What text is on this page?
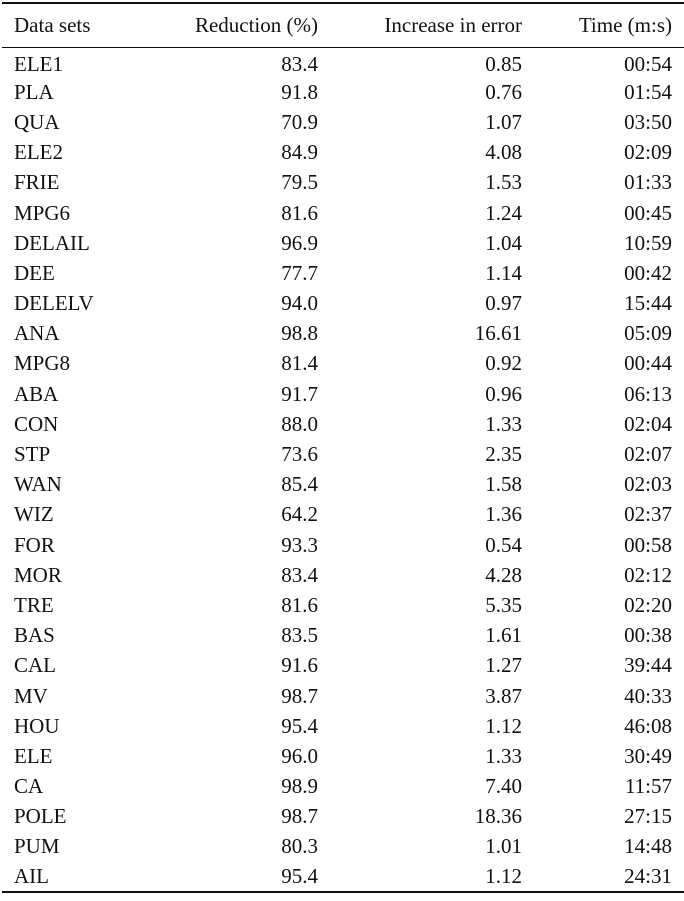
Data sets	Reduction (%)	Increase in error	Time (m:s)
ELE1	83.4	0.85	00:54
PLA	91.8	0.76	01:54
QUA	70.9	1.07	03:50
ELE2	84.9	4.08	02:09
FRIE	79.5	1.53	01:33
MPG6	81.6	1.24	00:45
DELAIL	96.9	1.04	10:59
DEE	77.7	1.14	00:42
DELELV	94.0	0.97	15:44
ANA	98.8	16.61	05:09
MPG8	81.4	0.92	00:44
ABA	91.7	0.96	06:13
CON	88.0	1.33	02:04
STP	73.6	2.35	02:07
WAN	85.4	1.58	02:03
WIZ	64.2	1.36	02:37
FOR	93.3	0.54	00:58
MOR	83.4	4.28	02:12
TRE	81.6	5.35	02:20
BAS	83.5	1.61	00:38
CAL	91.6	1.27	39:44
MV	98.7	3.87	40:33
HOU	95.4	1.12	46:08
ELE	96.0	1.33	30:49
CA	98.9	7.40	11:57
POLE	98.7	18.36	27:15
PUM	80.3	1.01	14:48
AIL	95.4	1.12	24:31
